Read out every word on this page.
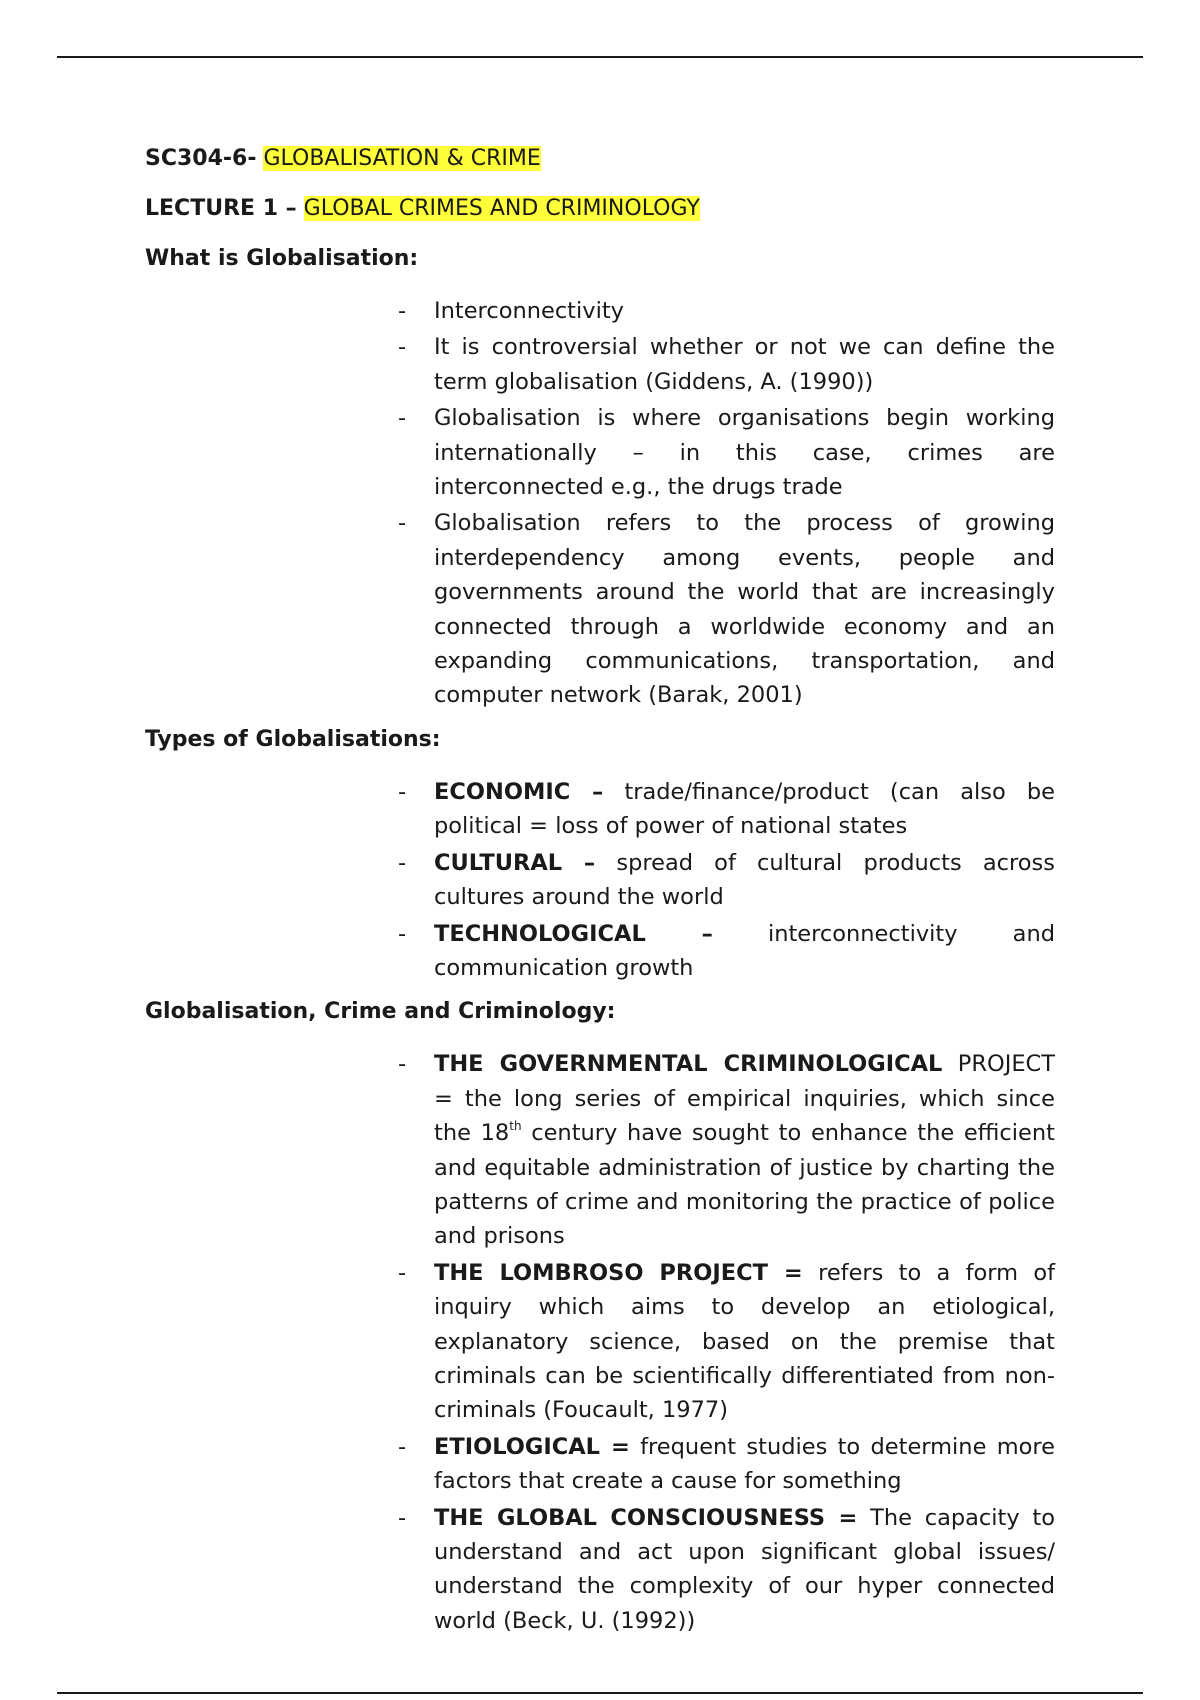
SC304-6- GLOBALISATION & CRIME

LECTURE 1 – GLOBAL CRIMES AND CRIMINOLOGY

What is Globalisation:

- Interconnectivity
- It is controversial whether or not we can define the term globalisation (Giddens, A. (1990))
- Globalisation is where organisations begin working internationally – in this case, crimes are interconnected e.g., the drugs trade
- Globalisation refers to the process of growing interdependency among events, people and governments around the world that are increasingly connected through a worldwide economy and an expanding communications, transportation, and computer network (Barak, 2001)

Types of Globalisations:

- ECONOMIC – trade/finance/product (can also be political = loss of power of national states
- CULTURAL – spread of cultural products across cultures around the world
- TECHNOLOGICAL – interconnectivity and communication growth

Globalisation, Crime and Criminology:

- THE GOVERNMENTAL CRIMINOLOGICAL PROJECT = the long series of empirical inquiries, which since the 18th century have sought to enhance the efficient and equitable administration of justice by charting the patterns of crime and monitoring the practice of police and prisons
- THE LOMBROSO PROJECT = refers to a form of inquiry which aims to develop an etiological, explanatory science, based on the premise that criminals can be scientifically differentiated from non-criminals (Foucault, 1977)
- ETIOLOGICAL = frequent studies to determine more factors that create a cause for something
- THE GLOBAL CONSCIOUSNESS = The capacity to understand and act upon significant global issues/ understand the complexity of our hyper connected world (Beck, U. (1992))
